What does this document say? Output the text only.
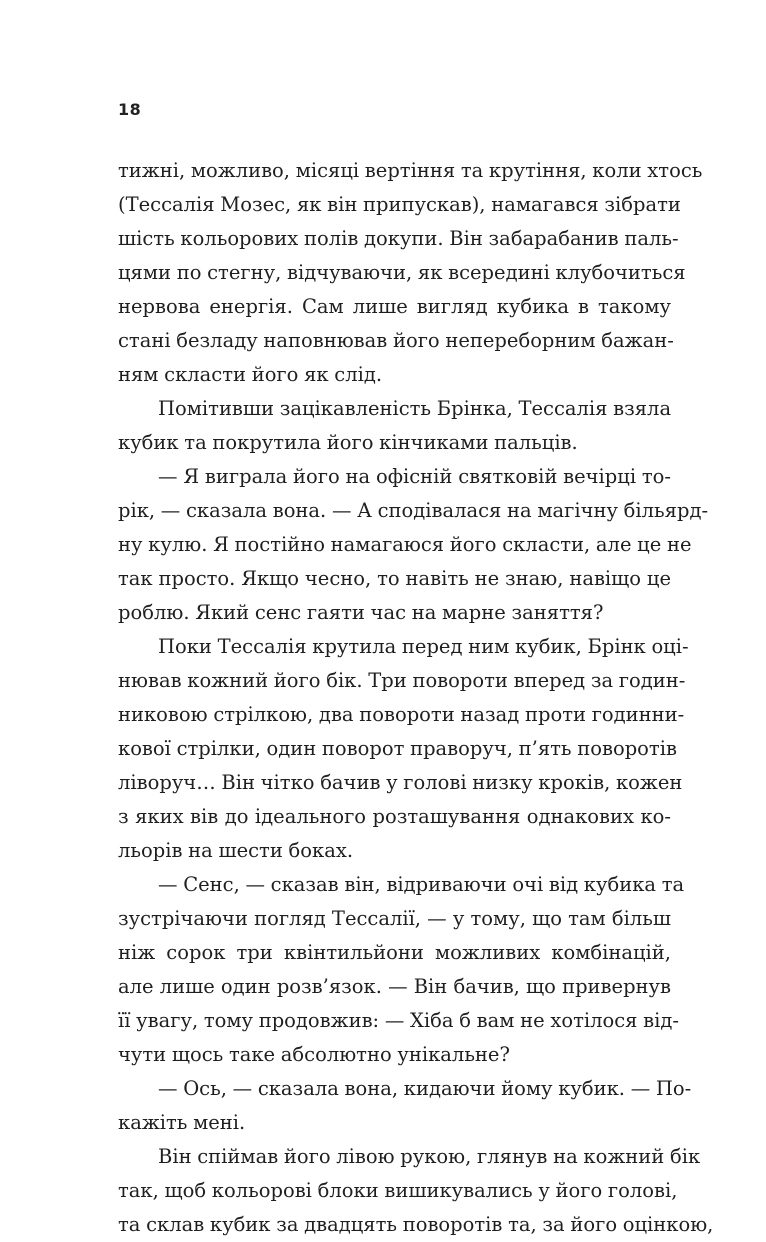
18
тижні, можливо, місяці вертіння та крутіння, коли хтось
(Тессалія Мозес, як він припускав), намагався зібрати
шість кольорових полів докупи. Він забарабанив паль-
цями по стегну, відчуваючи, як всередині клубочиться
нервова енергія. Сам лише вигляд кубика в такому
стані безладу наповнював його непереборним бажан-
ням скласти його як слід.
Помітивши зацікавленість Брінка, Тессалія взяла
кубик та покрутила його кінчиками пальців.
— Я виграла його на офісній святковій вечірці то-
рік, — сказала вона. — А сподівалася на магічну більярд-
ну кулю. Я постійно намагаюся його скласти, але це не
так просто. Якщо чесно, то навіть не знаю, навіщо це
роблю. Який сенс гаяти час на марне заняття?
Поки Тессалія крутила перед ним кубик, Брінк оці-
нював кожний його бік. Три повороти вперед за годин-
никовою стрілкою, два повороти назад проти годинни-
кової стрілки, один поворот праворуч, п’ять поворотів
ліворуч… Він чітко бачив у голові низку кроків, кожен
з яких вів до ідеального розташування однакових ко-
льорів на шести боках.
— Сенс, — сказав він, відриваючи очі від кубика та
зустрічаючи погляд Тессалії, — у тому, що там більш
ніж сорок три квінтильйони можливих комбінацій,
але лише один розв’язок. — Він бачив, що привернув
її увагу, тому продовжив: — Хіба б вам не хотілося від-
чути щось таке абсолютно унікальне?
— Ось, — сказала вона, кидаючи йому кубик. — По-
кажіть мені.
Він спіймав його лівою рукою, глянув на кожний бік
так, щоб кольорові блоки вишикувались у його голові,
та склав кубик за двадцять поворотів та, за його оцінкою,
